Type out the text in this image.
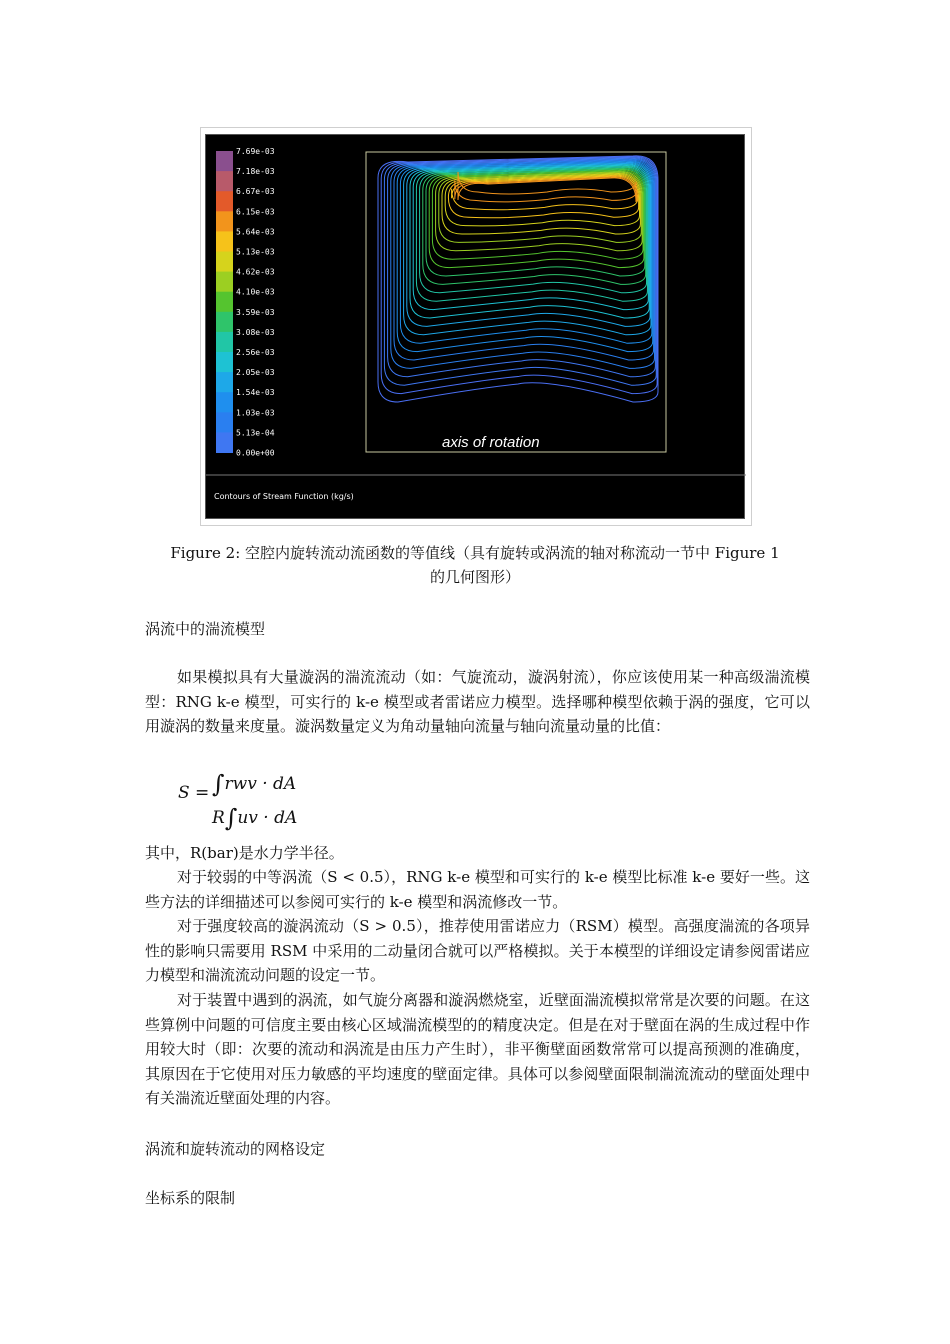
7.69e-03
7.18e-03
6.67e-03
6.15e-03
5.64e-03
5.13e-03
4.62e-03
4.10e-03
3.59e-03
3.08e-03
2.56e-03
2.05e-03
1.54e-03
1.03e-03
5.13e-04
0.00e+00
axis of rotation
Contours of Stream Function (kg/s)
Figure 2: 空腔内旋转流动流函数的等值线（具有旋转或涡流的轴对称流动一节中 Figure 1
的几何图形）
涡流中的湍流模型
如果模拟具有大量漩涡的湍流流动（如：气旋流动，漩涡射流），你应该使用某一种高级湍流模型：RNG k-e 模型，可实行的 k-e 模型或者雷诺应力模型。选择哪种模型依赖于涡的强度，它可以用漩涡的数量来度量。漩涡数量定义为角动量轴向流量与轴向流量动量的比值：
S = ∫rwv · dA
R∫uv · dA
其中，R(bar)是水力学半径。
对于较弱的中等涡流（S < 0.5），RNG k-e 模型和可实行的 k-e 模型比标准 k-e 要好一些。这些方法的详细描述可以参阅可实行的 k-e 模型和涡流修改一节。
对于强度较高的漩涡流动（S > 0.5），推荐使用雷诺应力（RSM）模型。高强度湍流的各项异性的影响只需要用 RSM 中采用的二动量闭合就可以严格模拟。关于本模型的详细设定请参阅雷诺应力模型和湍流流动问题的设定一节。
对于装置中遇到的涡流，如气旋分离器和漩涡燃烧室，近壁面湍流模拟常常是次要的问题。在这些算例中问题的可信度主要由核心区域湍流模型的的精度决定。但是在对于壁面在涡的生成过程中作用较大时（即：次要的流动和涡流是由压力产生时），非平衡壁面函数常常可以提高预测的准确度，其原因在于它使用对压力敏感的平均速度的壁面定律。具体可以参阅壁面限制湍流流动的壁面处理中有关湍流近壁面处理的内容。
涡流和旋转流动的网格设定
坐标系的限制
